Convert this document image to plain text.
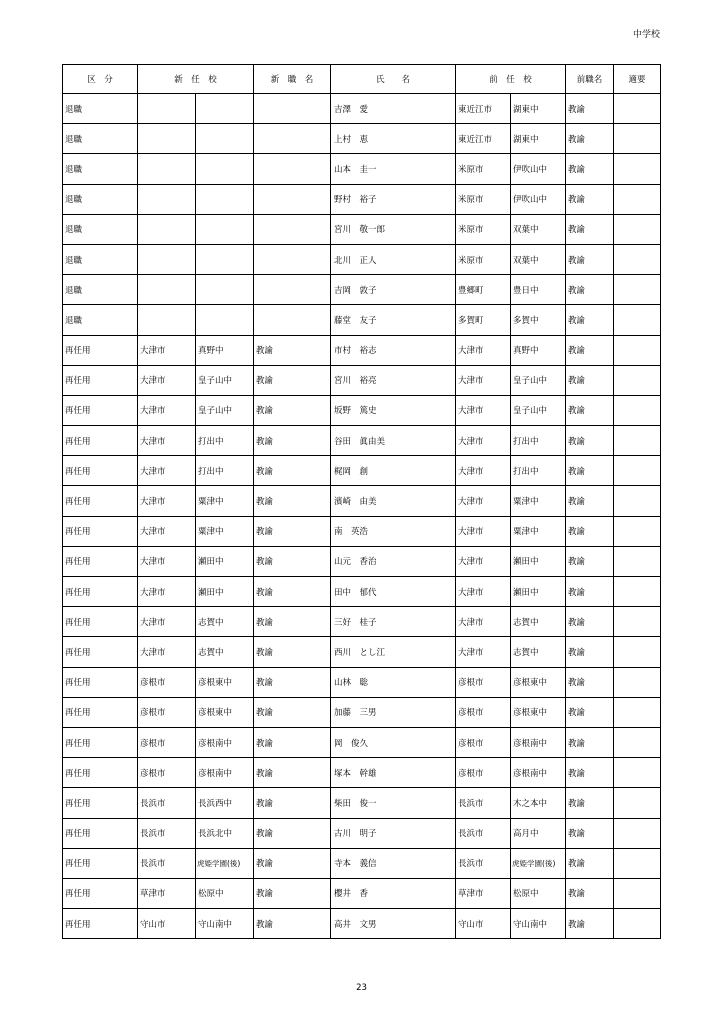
中学校
区　分	新　任　校		新　職　名	氏　　名	前　任　校		前職名	適要
退職				吉澤　愛	東近江市	湖東中	教諭	
退職				上村　恵	東近江市	湖東中	教諭	
退職				山本　圭一	米原市	伊吹山中	教諭	
退職				野村　裕子	米原市	伊吹山中	教諭	
退職				宮川　敬一郎	米原市	双葉中	教諭	
退職				北川　正人	米原市	双葉中	教諭	
退職				吉岡　敦子	豊郷町	豊日中	教諭	
退職				藤堂　友子	多賀町	多賀中	教諭	
再任用	大津市	真野中	教諭	市村　裕志	大津市	真野中	教諭	
再任用	大津市	皇子山中	教諭	宮川　裕亮	大津市	皇子山中	教諭	
再任用	大津市	皇子山中	教諭	坂野　篤史	大津市	皇子山中	教諭	
再任用	大津市	打出中	教諭	谷田　眞由美	大津市	打出中	教諭	
再任用	大津市	打出中	教諭	梶岡　創	大津市	打出中	教諭	
再任用	大津市	粟津中	教諭	濱崎　由美	大津市	粟津中	教諭	
再任用	大津市	粟津中	教諭	南　英浩	大津市	粟津中	教諭	
再任用	大津市	瀬田中	教諭	山元　香治	大津市	瀬田中	教諭	
再任用	大津市	瀬田中	教諭	田中　郁代	大津市	瀬田中	教諭	
再任用	大津市	志賀中	教諭	三好　桂子	大津市	志賀中	教諭	
再任用	大津市	志賀中	教諭	西川　とし江	大津市	志賀中	教諭	
再任用	彦根市	彦根東中	教諭	山林　聡	彦根市	彦根東中	教諭	
再任用	彦根市	彦根東中	教諭	加藤　三男	彦根市	彦根東中	教諭	
再任用	彦根市	彦根南中	教諭	岡　俊久	彦根市	彦根南中	教諭	
再任用	彦根市	彦根南中	教諭	塚本　幹雄	彦根市	彦根南中	教諭	
再任用	長浜市	長浜西中	教諭	柴田　俊一	長浜市	木之本中	教諭	
再任用	長浜市	長浜北中	教諭	古川　明子	長浜市	高月中	教諭	
再任用	長浜市	虎姫学園(後)	教諭	寺本　義信	長浜市	虎姫学園(後)	教諭	
再任用	草津市	松原中	教諭	櫻井　香	草津市	松原中	教諭	
再任用	守山市	守山南中	教諭	高井　文男	守山市	守山南中	教諭	
23
